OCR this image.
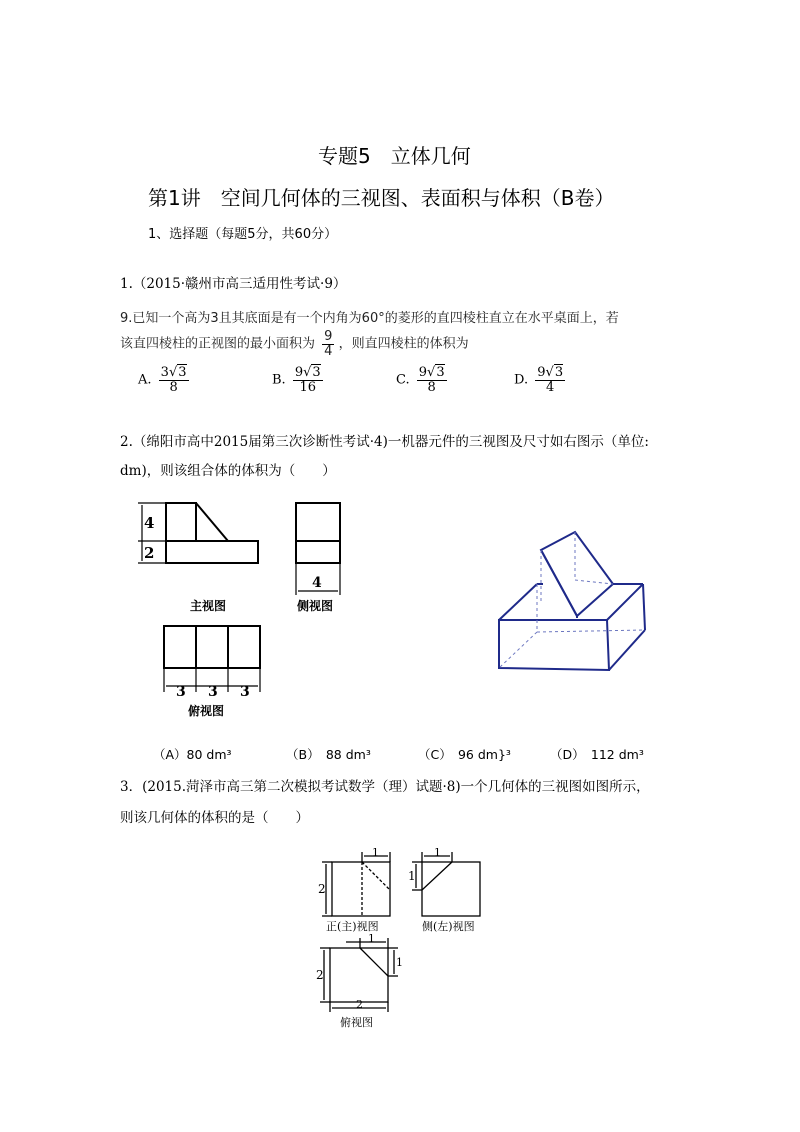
专题5　立体几何
第1讲　空间几何体的三视图、表面积与体积（B卷）
1、选择题（每题5分，共60分）
1.（2015·赣州市高三适用性考试·9）
9.已知一个高为3且其底面是有一个内角为60°的菱形的直四棱柱直立在水平桌面上，若
该直四棱柱的正视图的最小面积为 $\frac{9}{4}$ ，则直四棱柱的体积为
A. $\frac{3√3}{8}$	B. $\frac{9√3}{16}$	C. $\frac{9√3}{8}$	D. $\frac{9√3}{4}$
2.（绵阳市高中2015届第三次诊断性考试·4)一机器元件的三视图及尺寸如右图示（单位:
dm)，则该组合体的体积为（　　）
4
2
主视图
4
侧视图
3 3 3
俯视图
（A）80 dm³	（B）　88 dm³	（C）　96 dm}³	（D）　112 dm³
3．(2015.菏泽市高三第二次模拟考试数学（理）试题·8)一个几何体的三视图如图所示，
则该几何体的体积的是（　　）
1
2
正(主)视图
1
1
侧(左)视图
1
2
1
2
俯视图
